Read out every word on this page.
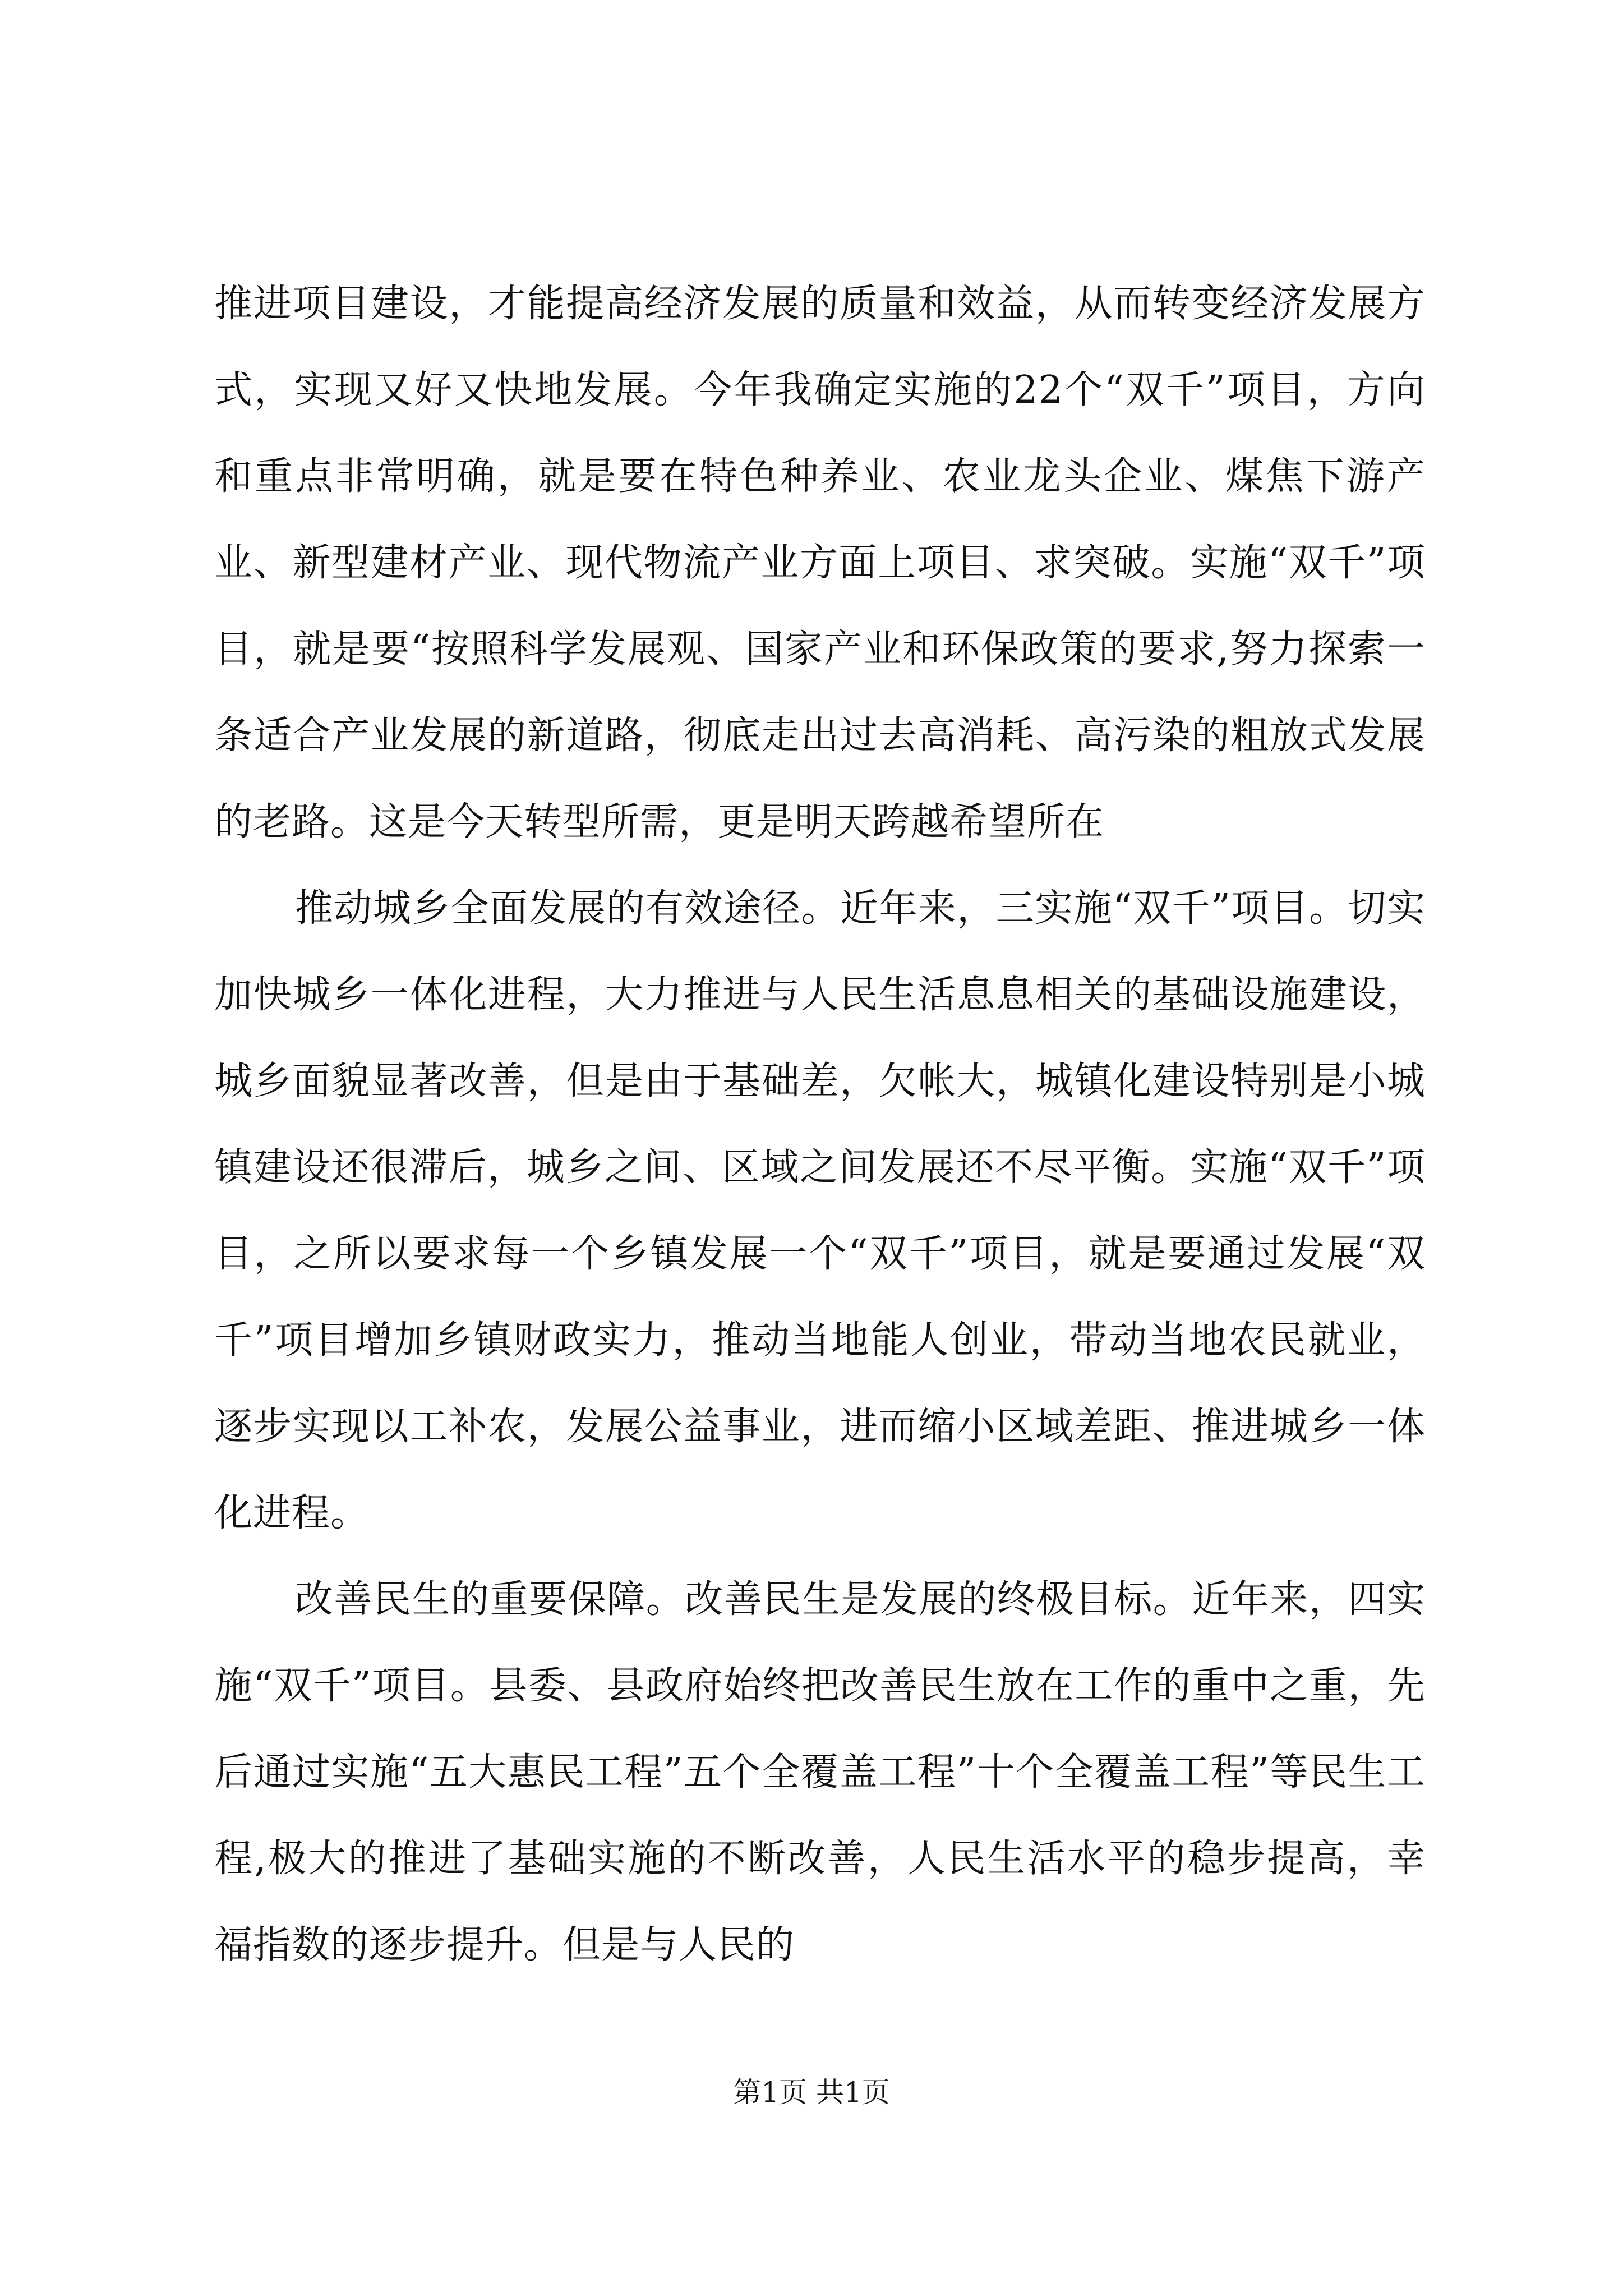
推进项目建设，才能提高经济发展的质量和效益，从而转变经济发展方式，实现又好又快地发展。今年我确定实施的22个“双千”项目，方向和重点非常明确，就是要在特色种养业、农业龙头企业、煤焦下游产业、新型建材产业、现代物流产业方面上项目、求突破。实施“双千”项目，就是要“按照科学发展观、国家产业和环保政策的要求,努力探索一条适合产业发展的新道路，彻底走出过去高消耗、高污染的粗放式发展的老路。这是今天转型所需，更是明天跨越希望所在

推动城乡全面发展的有效途径。近年来，三实施“双千”项目。切实加快城乡一体化进程，大力推进与人民生活息息相关的基础设施建设，城乡面貌显著改善，但是由于基础差，欠帐大，城镇化建设特别是小城镇建设还很滞后，城乡之间、区域之间发展还不尽平衡。实施“双千”项目，之所以要求每一个乡镇发展一个“双千”项目，就是要通过发展“双千”项目增加乡镇财政实力，推动当地能人创业，带动当地农民就业，逐步实现以工补农，发展公益事业，进而缩小区域差距、推进城乡一体化进程。

改善民生的重要保障。改善民生是发展的终极目标。近年来，四实施“双千”项目。县委、县政府始终把改善民生放在工作的重中之重，先后通过实施“五大惠民工程”五个全覆盖工程”十个全覆盖工程”等民生工程,极大的推进了基础实施的不断改善，人民生活水平的稳步提高，幸福指数的逐步提升。但是与人民的

第1页 共1页
